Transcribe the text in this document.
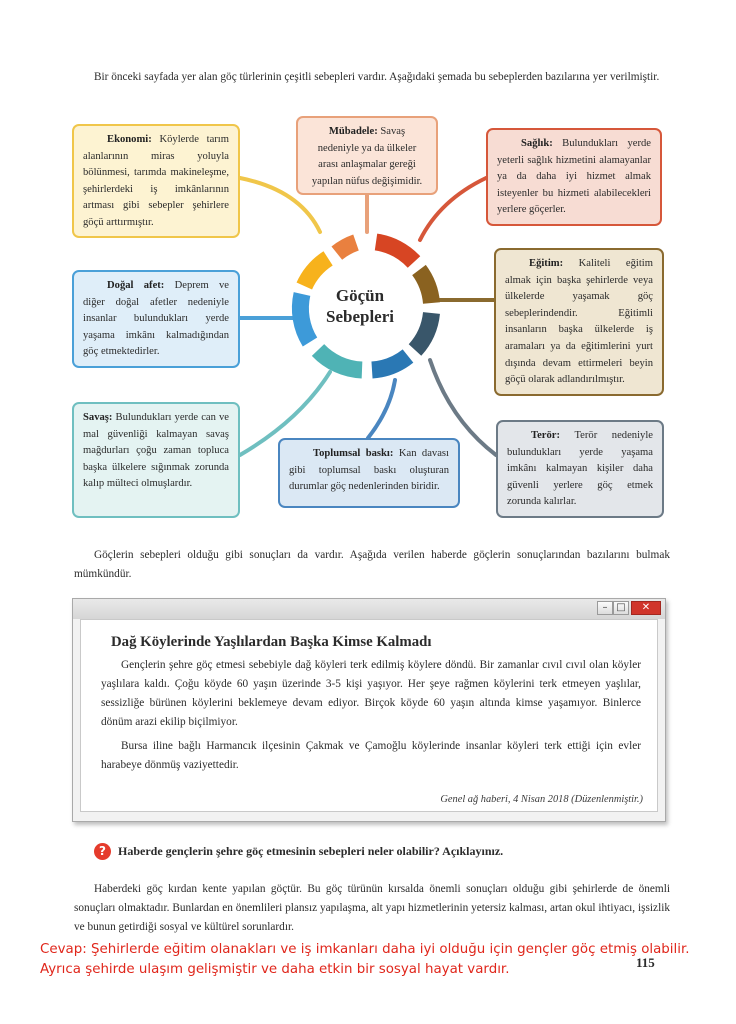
Bir önceki sayfada yer alan göç türlerinin çeşitli sebepleri vardır. Aşağıdaki şemada bu sebeplerden bazılarına yer verilmiştir.
Ekonomi: Köylerde tarım alanlarının miras yoluyla bölünmesi, tarımda makineleşme, şehirlerdeki iş imkânlarının artması gibi sebepler şehirlere göçü arttırmıştır.
Mübadele: Savaş nedeniyle ya da ülkeler arası anlaşmalar gereği yapılan nüfus değişimidir.
Sağlık: Bulundukları yerde yeterli sağlık hizmetini alamayanlar ya da daha iyi hizmet almak isteyenler bu hizmeti alabilecekleri yerlere göçerler.
Doğal afet: Deprem ve diğer doğal afetler nedeniyle insanlar bulundukları yerde yaşama imkânı kalmadığından göç etmektedirler.
Eğitim: Kaliteli eğitim almak için başka şehirlerde veya ülkelerde yaşamak göç sebeplerindendir. Eğitimli insanların başka ülkelerde iş aramaları ya da eğitimlerini yurt dışında devam ettirmeleri beyin göçü olarak adlandırılmıştır.
Savaş: Bulundukları yerde can ve mal güvenliği kalmayan savaş mağdurları çoğu zaman topluca başka ülkelere sığınmak zorunda kalıp mülteci olmuşlardır.
Toplumsal baskı: Kan davası gibi toplumsal baskı oluşturan durumlar göç nedenlerinden biridir.
Terör: Terör nedeniyle bulundukları yerde yaşama imkânı kalmayan kişiler daha güvenli yerlere göç etmek zorunda kalırlar.
Göçün
Sebepleri
Göçlerin sebepleri olduğu gibi sonuçları da vardır. Aşağıda verilen haberde göçlerin sonuçlarından bazılarını bulmak mümkündür.
– □	✕
Dağ Köylerinde Yaşlılardan Başka Kimse Kalmadı

Gençlerin şehre göç etmesi sebebiyle dağ köyleri terk edilmiş köylere döndü. Bir zamanlar cıvıl cıvıl olan köyler yaşlılara kaldı. Çoğu köyde 60 yaşın üzerinde 3-5 kişi yaşıyor. Her şeye rağmen köylerini terk etmeyen yaşlılar, sessizliğe bürünen köylerini beklemeye devam ediyor. Birçok köyde 60 yaşın altında kimse yaşamıyor. Binlerce dönüm arazi ekilip biçilmiyor.

Bursa iline bağlı Harmancık ilçesinin Çakmak ve Çamoğlu köylerinde insanlar köyleri terk ettiği için evler harabeye dönmüş vaziyettedir.

Genel ağ haberi, 4 Nisan 2018 (Düzenlenmiştir.)
?	Haberde gençlerin şehre göç etmesinin sebepleri neler olabilir? Açıklayınız.
Haberdeki göç kırdan kente yapılan göçtür. Bu göç türünün kırsalda önemli sonuçları olduğu gibi şehirlerde de önemli sonuçları olmaktadır. Bunlardan en önemlileri plansız yapılaşma, alt yapı hizmetlerinin yetersiz kalması, artan okul ihtiyacı, işsizlik ve bunun getirdiği sosyal ve kültürel sorunlardır.
Cevap: Şehirlerde eğitim olanakları ve iş imkanları daha iyi olduğu için gençler göç etmiş olabilir. Ayrıca şehirde ulaşım gelişmiştir ve daha etkin bir sosyal hayat vardır.	115
